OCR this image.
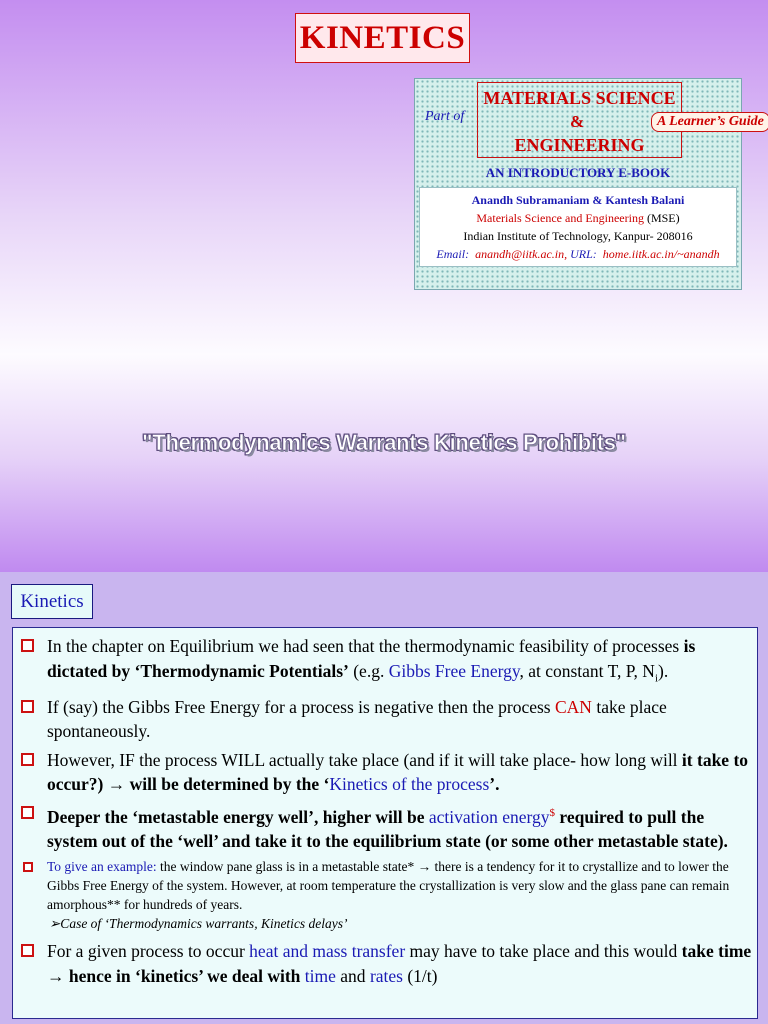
KINETICS
Part of
MATERIALS SCIENCE
&
ENGINEERING
A Learner’s Guide
AN INTRODUCTORY E-BOOK
Anandh Subramaniam & Kantesh Balani
Materials Science and Engineering (MSE)
Indian Institute of Technology, Kanpur- 208016
Email: anandh@iitk.ac.in, URL: home.iitk.ac.in/~anandh
"Thermodynamics Warrants Kinetics Prohibits"
Kinetics
In the chapter on Equilibrium we had seen that the thermodynamic feasibility of processes is dictated by ‘Thermodynamic Potentials’ (e.g. Gibbs Free Energy, at constant T, P, $N_i$).
If (say) the Gibbs Free Energy for a process is negative then the process CAN take place spontaneously.
However, IF the process WILL actually take place (and if it will take place- how long will it take to occur?) → will be determined by the ‘Kinetics of the process’.
Deeper the ‘metastable energy well’, higher will be activation energy$ required to pull the system out of the ‘well’ and take it to the equilibrium state (or some other metastable state).
To give an example: the window pane glass is in a metastable state* → there is a tendency for it to crystallize and to lower the Gibbs Free Energy of the system. However, at room temperature the crystallization is very slow and the glass pane can remain amorphous** for hundreds of years.
➢Case of ‘Thermodynamics warrants, Kinetics delays’
For a given process to occur heat and mass transfer may have to take place and this would take time → hence in ‘kinetics’ we deal with time and rates (1/t)
